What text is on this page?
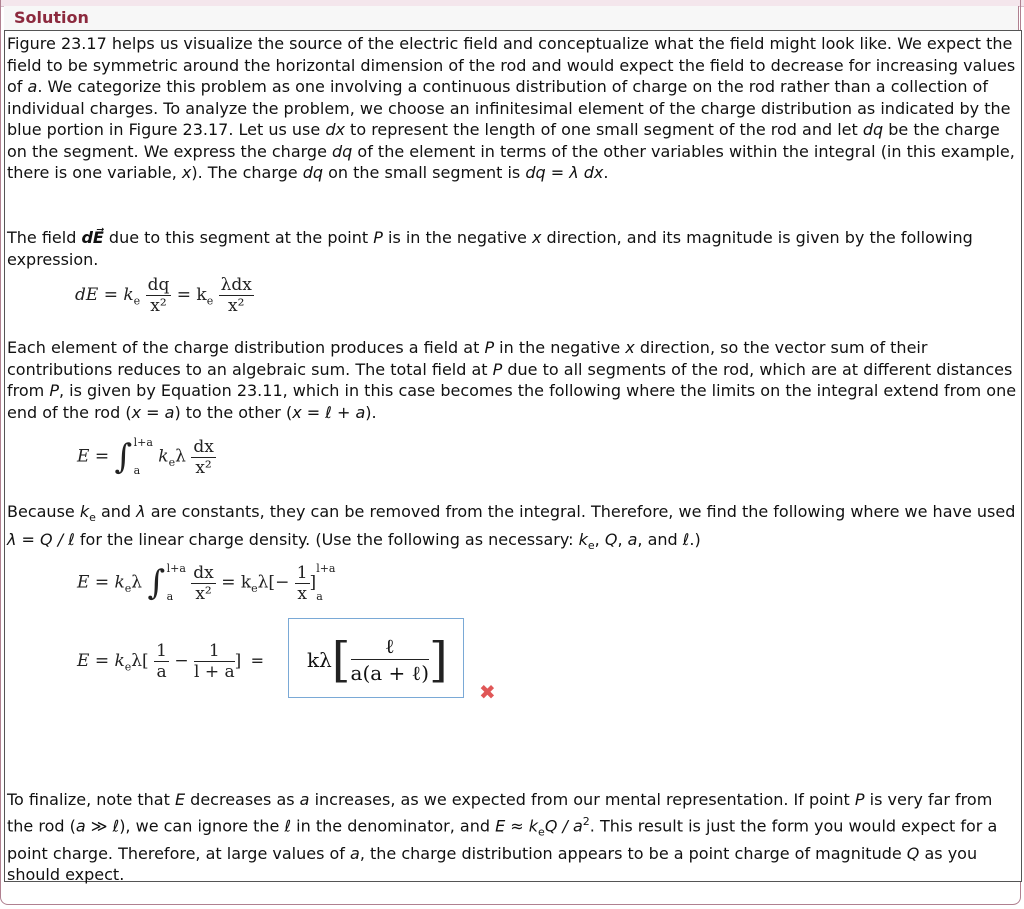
Solution

Figure 23.17 helps us visualize the source of the electric field and conceptualize what the field might look like. We expect the field to be symmetric around the horizontal dimension of the rod and would expect the field to decrease for increasing values of a. We categorize this problem as one involving a continuous distribution of charge on the rod rather than a collection of individual charges. To analyze the problem, we choose an infinitesimal element of the charge distribution as indicated by the blue portion in Figure 23.17. Let us use dx to represent the length of one small segment of the rod and let dq be the charge on the segment. We express the charge dq of the element in terms of the other variables within the integral (in this example, there is one variable, x). The charge dq on the small segment is dq = λ dx.

The field dE⃗ due to this segment at the point P is in the negative x direction, and its magnitude is given by the following expression.

dE = $k_e \frac{dq}{\text{x²}} = k_e \frac{\text{λdx}}{\text{x²}}$

Each element of the charge distribution produces a field at P in the negative x direction, so the vector sum of their contributions reduces to an algebraic sum. The total field at P due to all segments of the rod, which are at different distances from P, is given by Equation 23.11, which in this case becomes the following where the limits on the integral extend from one end of the rod (x = a) to the other (x = ℓ + a).

E = ∫ l+a
a
$k_e\lambda \frac{dx}{\text{x²}}$

Because $k_e$ and λ are constants, they can be removed from the integral. Therefore, we find the following where we have used λ = Q / ℓ for the linear charge density. (Use the following as necessary: $k_e$, Q, a, and ℓ.)

$E = k_e\lambda$ ∫ l+a
a
	$\frac{dx}{\text{x²}} = k_e\lambda[- \frac{1}{x}$ ]
l+a
a
$E = k_e\lambda[ \frac{1}{a} - \frac{1}{l + a}$ ] =

To finalize, note that E decreases as a increases, as we expected from our mental representation. If point P is very far from the rod (a ≫ ℓ), we can ignore the ℓ in the denominator, and $E \approx k_eQ / a^2$. This result is just the form you would expect for a point charge. Therefore, at large values of a, the charge distribution appears to be a point charge of magnitude Q as you should expect.

kλ [ $\frac{\text{ℓ}}{\text{a(a + ℓ)}}$ ]
✖
